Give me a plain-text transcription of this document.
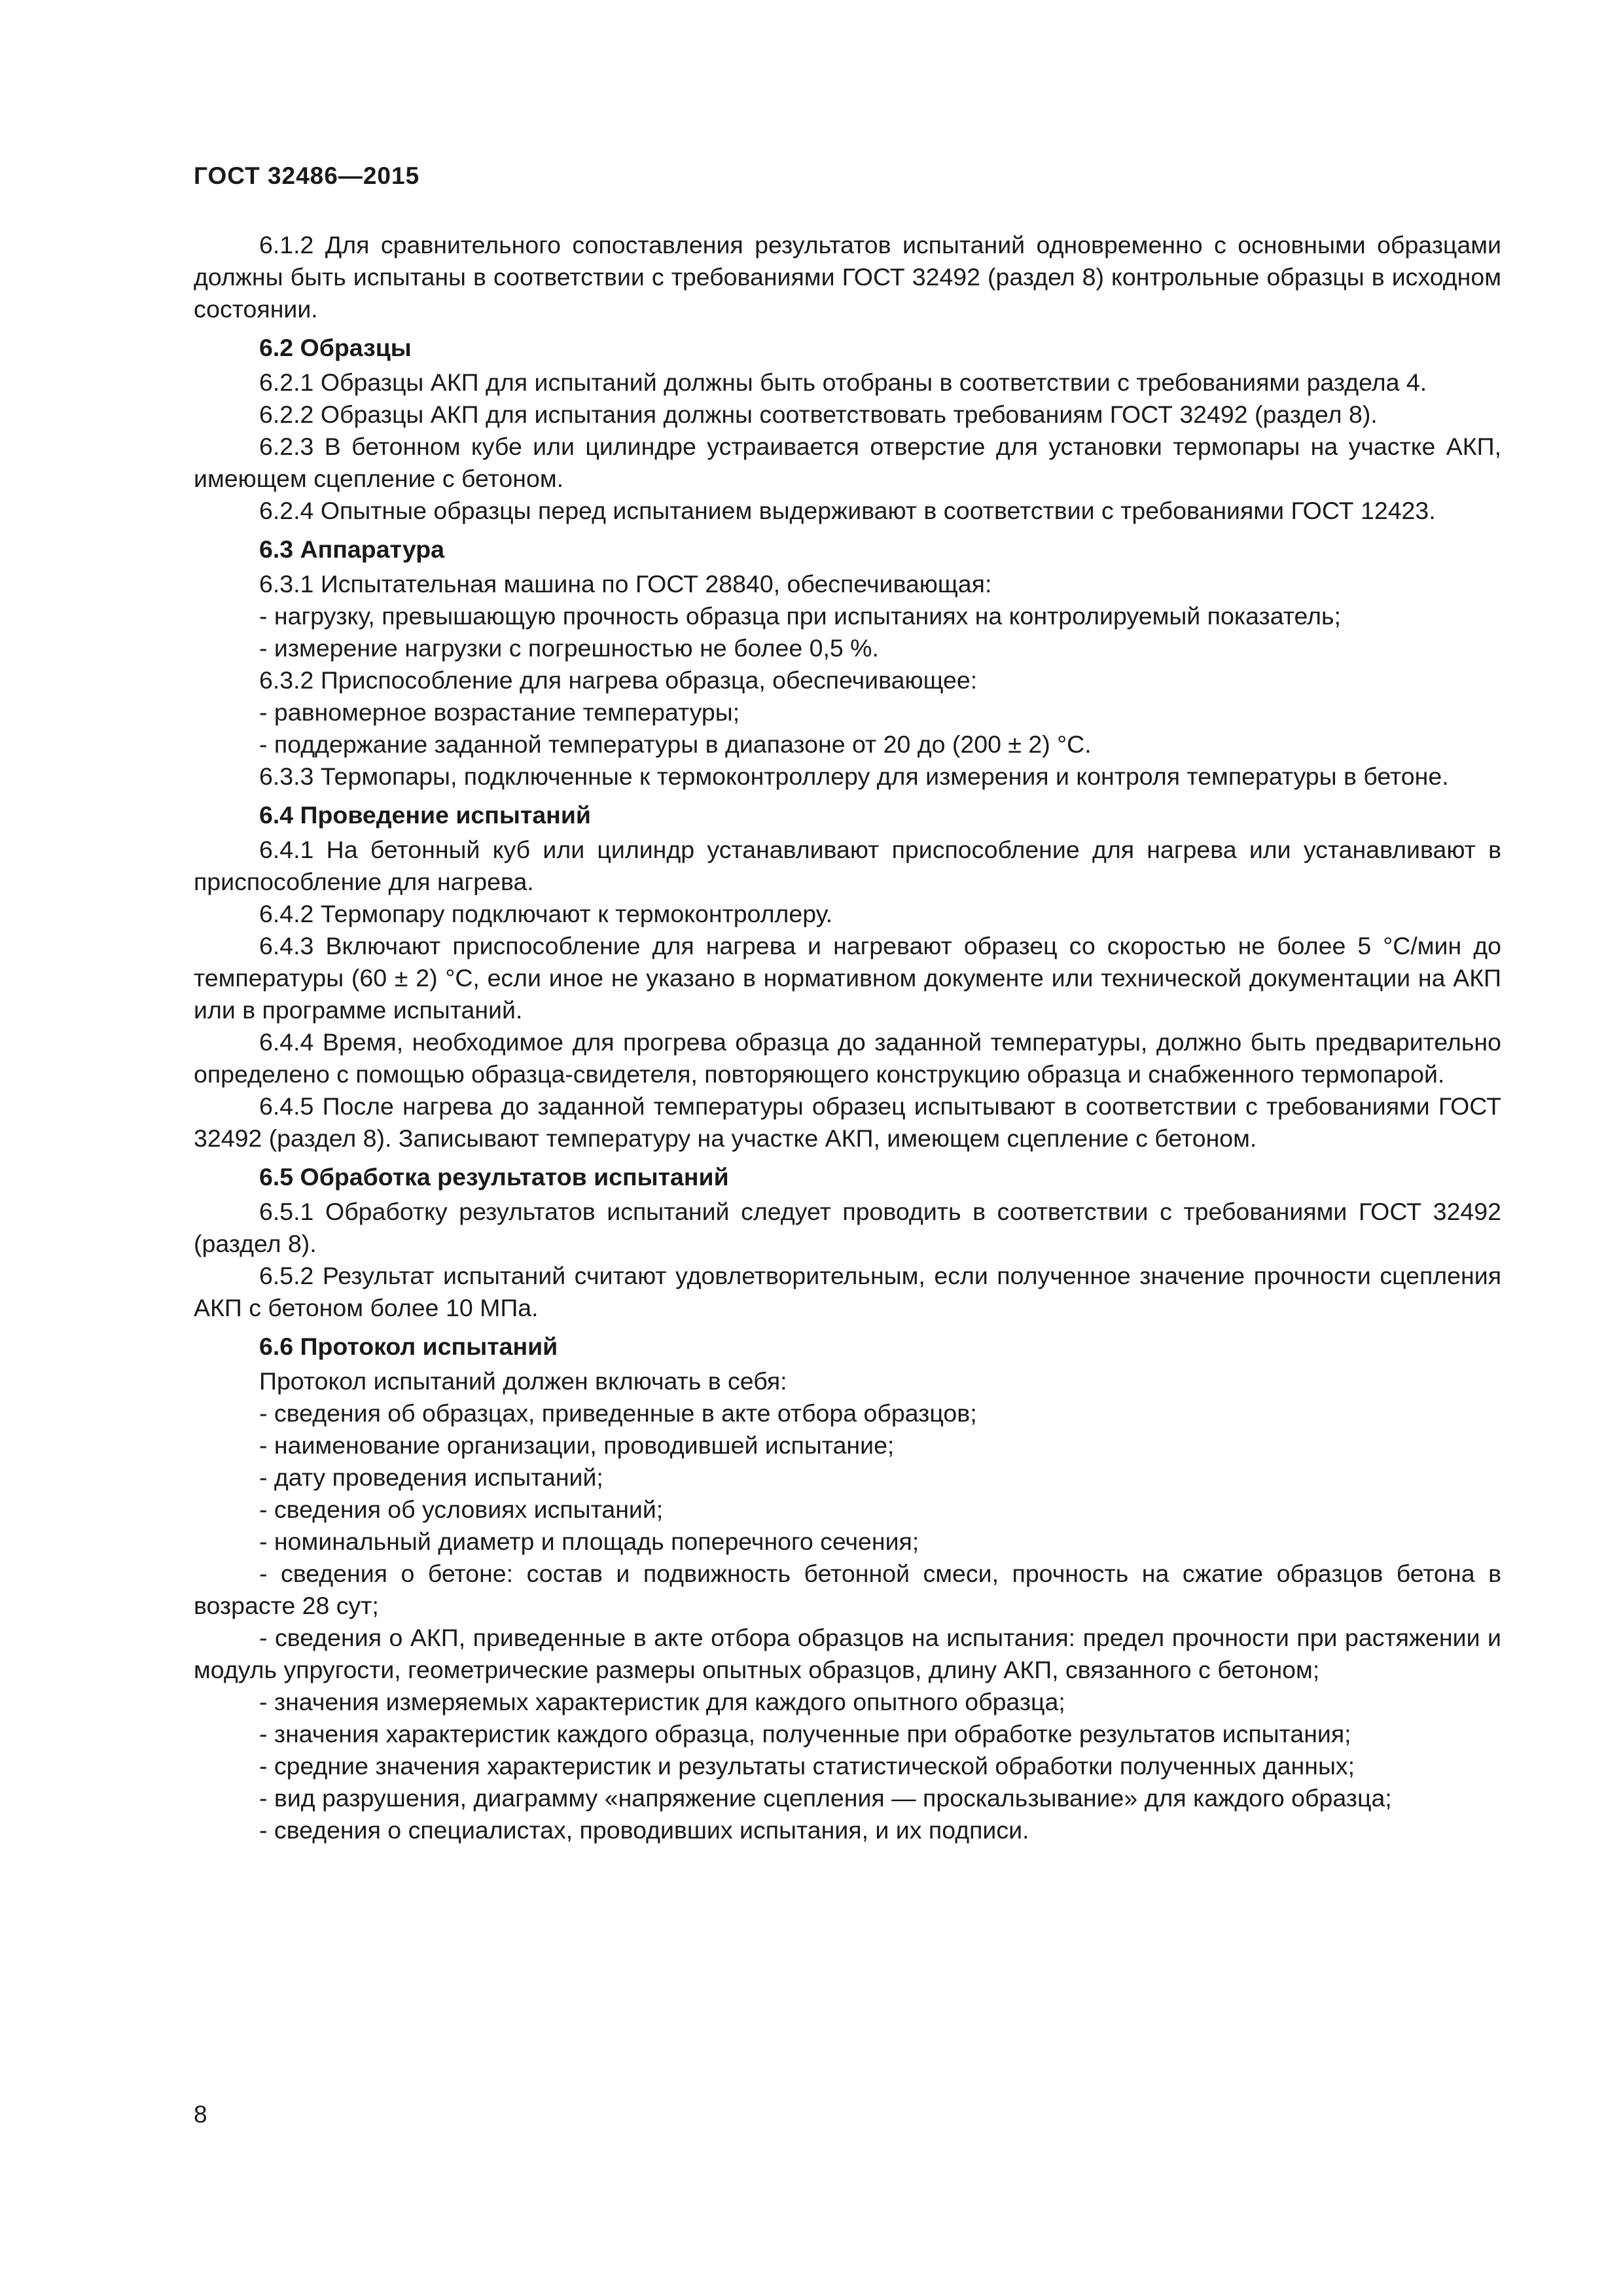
ГОСТ 32486—2015

6.1.2 Для сравнительного сопоставления результатов испытаний одновременно с основными образцами должны быть испытаны в соответствии с требованиями ГОСТ 32492 (раздел 8) контрольные образцы в исходном состоянии.

6.2 Образцы

6.2.1 Образцы АКП для испытаний должны быть отобраны в соответствии с требованиями раздела 4.

6.2.2 Образцы АКП для испытания должны соответствовать требованиям ГОСТ 32492 (раздел 8).

6.2.3 В бетонном кубе или цилиндре устраивается отверстие для установки термопары на участке АКП, имеющем сцепление с бетоном.

6.2.4 Опытные образцы перед испытанием выдерживают в соответствии с требованиями ГОСТ 12423.

6.3 Аппаратура

6.3.1 Испытательная машина по ГОСТ 28840, обеспечивающая:

- нагрузку, превышающую прочность образца при испытаниях на контролируемый показатель;

- измерение нагрузки с погрешностью не более 0,5 %.

6.3.2 Приспособление для нагрева образца, обеспечивающее:

- равномерное возрастание температуры;

- поддержание заданной температуры в диапазоне от 20 до (200 ± 2) °С.

6.3.3 Термопары, подключенные к термоконтроллеру для измерения и контроля температуры в бетоне.

6.4 Проведение испытаний

6.4.1 На бетонный куб или цилиндр устанавливают приспособление для нагрева или устанавливают в приспособление для нагрева.

6.4.2 Термопару подключают к термоконтроллеру.

6.4.3 Включают приспособление для нагрева и нагревают образец со скоростью не более 5 °С/мин до температуры (60 ± 2) °С, если иное не указано в нормативном документе или технической документации на АКП или в программе испытаний.

6.4.4 Время, необходимое для прогрева образца до заданной температуры, должно быть предварительно определено с помощью образца-свидетеля, повторяющего конструкцию образца и снабженного термопарой.

6.4.5 После нагрева до заданной температуры образец испытывают в соответствии с требованиями ГОСТ 32492 (раздел 8). Записывают температуру на участке АКП, имеющем сцепление с бетоном.

6.5 Обработка результатов испытаний

6.5.1 Обработку результатов испытаний следует проводить в соответствии с требованиями ГОСТ 32492 (раздел 8).

6.5.2 Результат испытаний считают удовлетворительным, если полученное значение прочности сцепления АКП с бетоном более 10 МПа.

6.6 Протокол испытаний

Протокол испытаний должен включать в себя:

- сведения об образцах, приведенные в акте отбора образцов;

- наименование организации, проводившей испытание;

- дату проведения испытаний;

- сведения об условиях испытаний;

- номинальный диаметр и площадь поперечного сечения;

- сведения о бетоне: состав и подвижность бетонной смеси, прочность на сжатие образцов бетона в возрасте 28 сут;

- сведения о АКП, приведенные в акте отбора образцов на испытания: предел прочности при растяжении и модуль упругости, геометрические размеры опытных образцов, длину АКП, связанного с бетоном;

- значения измеряемых характеристик для каждого опытного образца;

- значения характеристик каждого образца, полученные при обработке результатов испытания;

- средние значения характеристик и результаты статистической обработки полученных данных;

- вид разрушения, диаграмму «напряжение сцепления — проскальзывание» для каждого образца;

- сведения о специалистах, проводивших испытания, и их подписи.

8
